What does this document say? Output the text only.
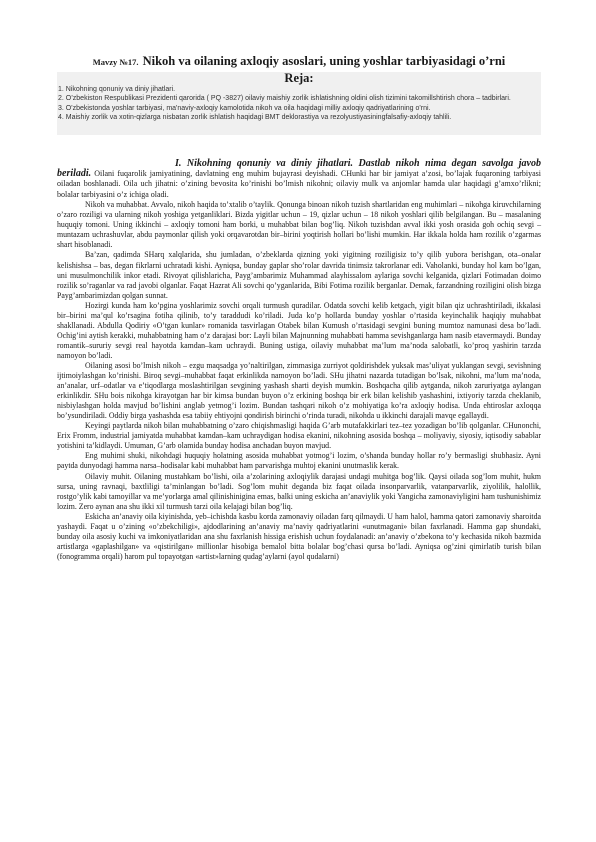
Mavzy №17. Nikoh va oilaning axloqiy asoslari, uning yoshlar tarbiyasidagi o’rni
Reja:

1. Nikohning qonuniy va diniy jihatlari.

2. O’zbekiston Respublikasi Prezidenti qaroridа ( PQ -3827) oilaviy maishiy zorlik ishlatishning oldini olish tizimini takomillshtirish chora – tadbirlari.

3. O'zbekistonda yoshlar tarbiyasi, ma'naviy-axloqiy kamolotida nikoh va oila haqidagi milliy axloqiy qadriyatlarining o'rni.

4. Maishiy zorlik va xotin-qizlarga nisbatan zorlik ishlatish haqidagi BMT deklorastiya va rezolyustiyasiningfalsafiy-axloqiy tahlili.

I. Nikohning qonuniy va diniy jihatlari. Dastlab nikoh nima degan savolga javob beriladi. Oilani fuqarolik jamiyatining, davlatning eng muhim bujayrasi deyishadi. CHunki har bir jamiyat a’zosi, bo’lajak fuqaroning tarbiyasi oiladan boshlanadi. Oila uch jihatni: o’zining bevosita ko’rinishi bo’lmish nikohni; oilaviy mulk va anjomlar hamda ular haqidagi g’amxo’rlikni; bolalar tarbiyasini o’z ichiga oladi.

Nikoh va muhabbat. Avvalo, nikoh haqida to’xtalib o’taylik. Qonunga binoan nikoh tuzish shartlaridan eng muhimlari – nikohga kiruvchilarning o’zaro roziligi va ularning nikoh yoshiga yetganliklari. Bizda yigitlar uchun – 19, qizlar uchun – 18 nikoh yoshlari qilib belgilangan. Bu – masalaning huquqiy tomoni. Uning ikkinchi – axloqiy tomoni ham borki, u muhabbat bilan bog’liq. Nikoh tuzishdan avval ikki yosh orasida goh ochiq sevgi – muntazam uchrashuvlar, abdu paymonlar qilish yoki orqavarotdan bir–birini yoqtirish hollari bo’lishi mumkin. Har ikkala holda ham rozilik o’zgarmas shart hisoblanadi.

Ba’zan, qadimda SHarq xalqlarida, shu jumladan, o’zbeklarda qizning yoki yigitning roziligisiz to’y qilib yubora berishgan, ota–onalar kelishishsa – bas, degan fikrlarni uchratadi kishi. Ayniqsa, bunday gaplar sho’rolar davrida tinimsiz takrorlanar edi. Vaholanki, bunday hol kam bo’lgan, uni musulmonchilik inkor etadi. Rivoyat qilishlaricha, Payg’ambarimiz Muhammad alayhissalom aylariga sovchi kelganida, qizlari Fotimadan doimo rozilik so’raganlar va rad javobi olganlar. Faqat Hazrat Ali sovchi qo’yganlarida, Bibi Fotima rozilik berganlar. Demak, farzandning roziligini olish bizga Payg’ambarimizdan qolgan sunnat.

Hozirgi kunda ham ko’pgina yoshlarimiz sovchi orqali turmush quradilar. Odatda sovchi kelib ketgach, yigit bilan qiz uchrashtiriladi, ikkalasi bir–birini ma’qul ko’rsagina fotiha qilinib, to’y taraddudi ko’riladi. Juda ko’p hollarda bunday yoshlar o’rtasida keyinchalik haqiqiy muhabbat shakllanadi. Abdulla Qodiriy «O’tgan kunlar» romanida tasvirlagan Otabek bilan Kumush o’rtasidagi sevgini buning mumtoz namunasi desa bo’ladi. Ochig’ini aytish kerakki, muhabbatning ham o’z darajasi bor: Layli bilan Majnunning muhabbati hamma sevishganlarga ham nasib etavermaydi. Bunday romantik–sururiy sevgi real hayotda kamdan–kam uchraydi. Buning ustiga, oilaviy muhabbat ma’lum ma’noda salobatli, ko’proq yashirin tarzda namoyon bo’ladi.

Oilaning asosi bo’lmish nikoh – ezgu maqsadga yo’naltirilgan, zimmasiga zurriyot qoldirishdek yuksak mas’uliyat yuklangan sevgi, sevishning ijtimoiylashgan ko’rinishi. Biroq sevgi–muhabbat faqat erkinlikda namoyon bo’ladi. SHu jihatni nazarda tutadigan bo’lsak, nikohni, ma’lum ma’noda, an’analar, urf–odatlar va e’tiqodlarga moslashtirilgan sevgining yashash sharti deyish mumkin. Boshqacha qilib aytganda, nikoh zaruriyatga aylangan erkinlikdir. SHu bois nikohga kirayotgan har bir kimsa bundan buyon o’z erkining boshqa bir erk bilan kelishib yashashini, ixtiyoriy tarzda cheklanib, nisbiylashgan holda mavjud bo’lishini anglab yetmog’i lozim. Bundan tashqari nikoh o’z mohiyatiga ko’ra axloqiy hodisa. Unda ehtiroslar axloqqa bo’ysundiriladi. Oddiy birga yashashda esa tabiiy ehtiyojni qondirish birinchi o’rinda turadi, nikohda u ikkinchi darajali mavqe egallaydi.

Keyingi paytlarda nikoh bilan muhabbatning o’zaro chiqishmasligi haqida G’arb mutafakkirlari tez–tez yozadigan bo’lib qolganlar. CHunonchi, Erix Fromm, industrial jamiyatda muhabbat kamdan–kam uchraydigan hodisa ekanini, nikohning asosida boshqa – moliyaviy, siyosiy, iqtisodiy sabablar yotishini ta’kidlaydi. Umuman, G’arb olamida bunday hodisa anchadan buyon mavjud.

Eng muhimi shuki, nikohdagi huquqiy holatning asosida muhabbat yotmog’i lozim, o’shanda bunday hollar ro’y bermasligi shubhasiz. Ayni paytda dunyodagi hamma narsa–hodisalar kabi muhabbat ham parvarishga muhtoj ekanini unutmaslik kerak.

Oilaviy muhit. Oilaning mustahkam bo’lishi, oila a’zolarining axloqiylik darajasi undagi muhitga bog’lik. Qaysi oilada sog’lom muhit, hukm sursa, uning ravnaqi, baxtliligi ta’minlangan bo’ladi. Sog’lom muhit deganda biz faqat oilada insonparvarlik, vatanparvarlik, ziyolilik, halollik, rostgo’ylik kabi tamoyillar va me’yorlarga amal qilinishinigina emas, balki uning eskicha an’anaviylik yoki Yangicha zamonaviyligini ham tushunishimiz lozim. Zero aynan ana shu ikki xil turmush tarzi oila kelajagi bilan bog’liq.

Eskicha an’anaviy oila kiyinishda, yeb–ichishda kasbu korda zamonaviy oiladan farq qilmaydi. U ham halol, hamma qatori zamonaviy sharoitda yashaydi. Faqat u o’zining «o’zbekchiligi», ajdodlarining an’anaviy ma’naviy qadriyatlarini «unutmagani» bilan faxrlanadi. Hamma gap shundaki, bunday oila asosiy kuchi va imkoniyatlaridan ana shu faxrlanish hissiga erishish uchun foydalanadi: an’anaviy o’zbekona to’y kechasida nikoh bazmida artistlarga «gaplashilgan» va «qistirilgan» millionlar hisobiga bemalol bitta bolalar bog’chasi qursa bo’ladi. Ayniqsa og’zini qimirlatib turish bilan (fonogramma orqali) harom pul topayotgan «artist»larning qudag’aylarni (ayol qudalarni)
